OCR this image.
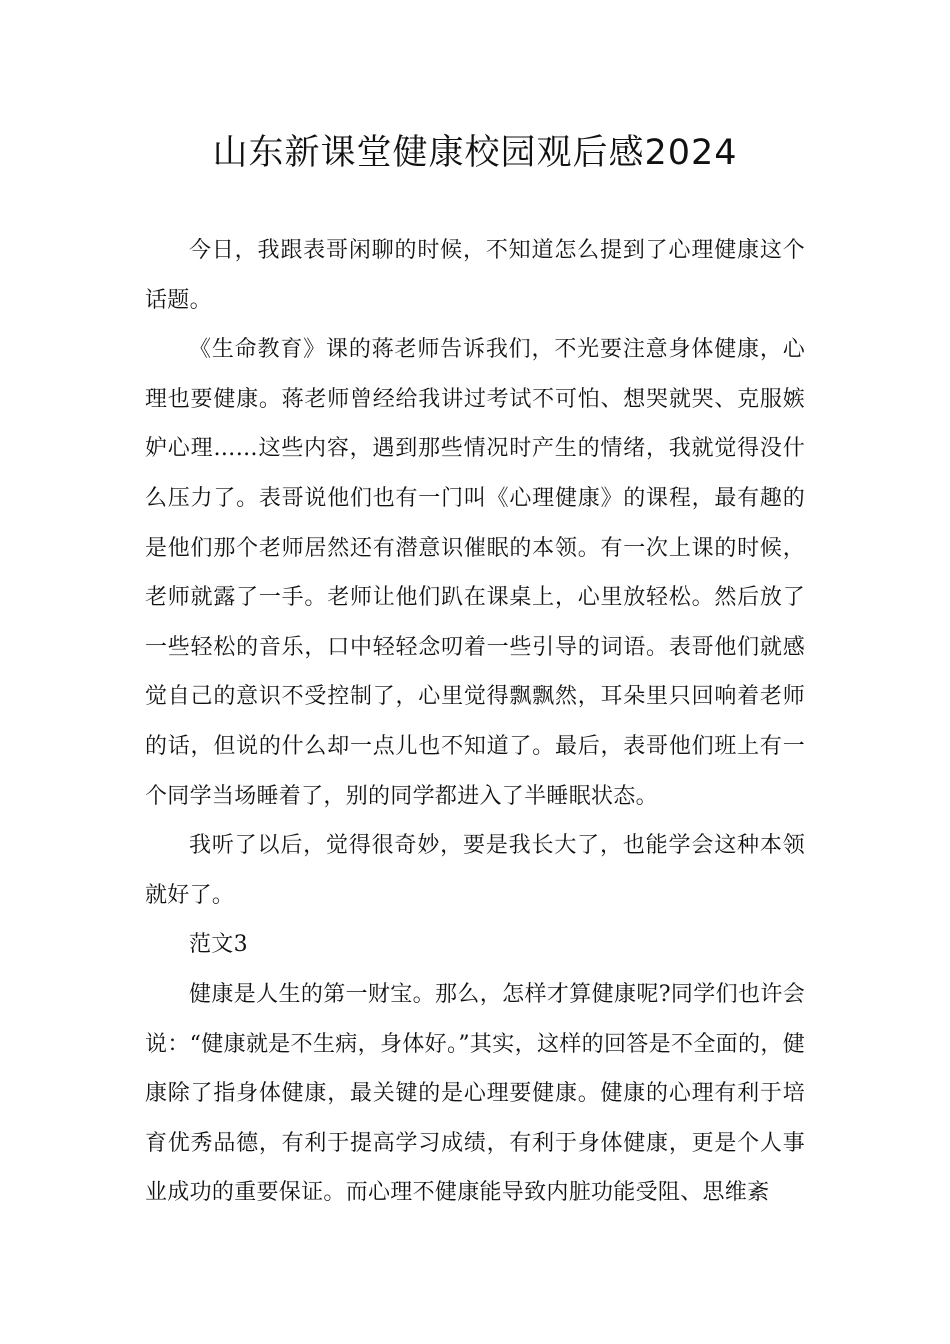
山东新课堂健康校园观后感2024

今日，我跟表哥闲聊的时候，不知道怎么提到了心理健康这个话题。

《生命教育》课的蒋老师告诉我们，不光要注意身体健康，心理也要健康。蒋老师曾经给我讲过考试不可怕、想哭就哭、克服嫉妒心理……这些内容，遇到那些情况时产生的情绪，我就觉得没什么压力了。表哥说他们也有一门叫《心理健康》的课程，最有趣的是他们那个老师居然还有潜意识催眠的本领。有一次上课的时候，老师就露了一手。老师让他们趴在课桌上，心里放轻松。然后放了一些轻松的音乐，口中轻轻念叨着一些引导的词语。表哥他们就感觉自己的意识不受控制了，心里觉得飘飘然，耳朵里只回响着老师的话，但说的什么却一点儿也不知道了。最后，表哥他们班上有一个同学当场睡着了，别的同学都进入了半睡眠状态。

我听了以后，觉得很奇妙，要是我长大了，也能学会这种本领就好了。

范文3

健康是人生的第一财宝。那么，怎样才算健康呢?同学们也许会说：“健康就是不生病，身体好。”其实，这样的回答是不全面的，健康除了指身体健康，最关键的是心理要健康。健康的心理有利于培育优秀品德，有利于提高学习成绩，有利于身体健康，更是个人事业成功的重要保证。而心理不健康能导致内脏功能受阻、思维紊
